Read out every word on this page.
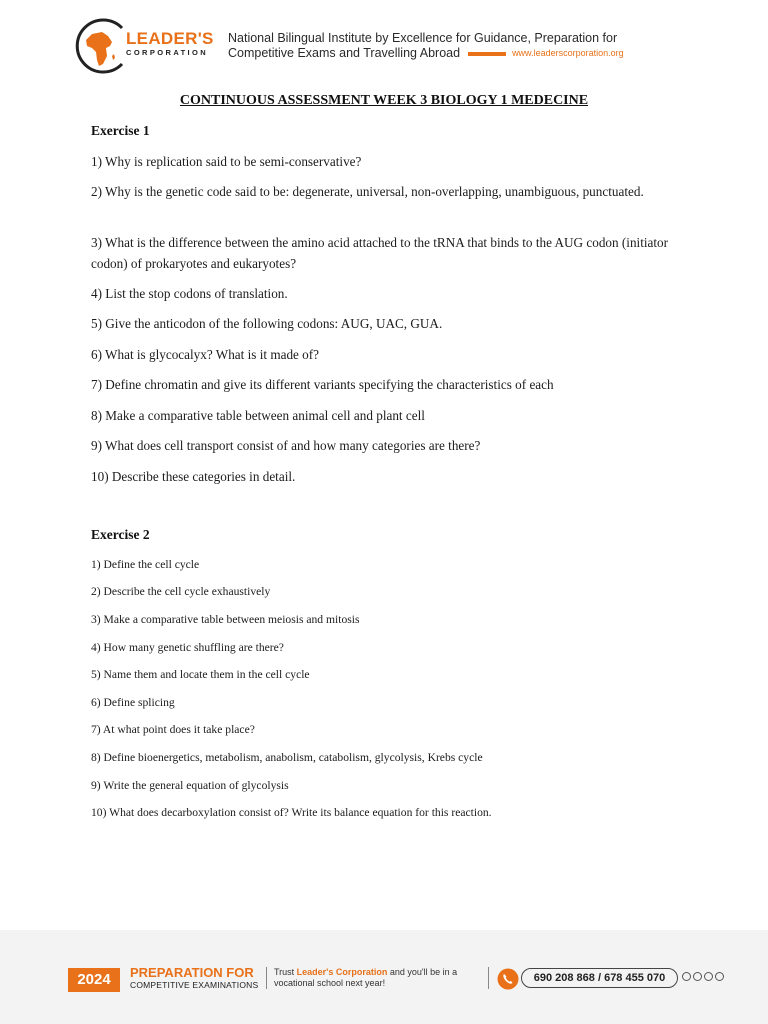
LEADER'S
CORPORATION
National Bilingual Institute by Excellence for Guidance, Preparation for
Competitive Exams and Travelling Abroad	www.leaderscorporation.org
CONTINUOUS ASSESSMENT WEEK 3 BIOLOGY 1 MEDECINE
Exercise 1
1) Why is replication said to be semi-conservative?
2) Why is the genetic code said to be: degenerate, universal, non-overlapping, unambiguous, punctuated.
3) What is the difference between the amino acid attached to the tRNA that binds to the AUG codon (initiator codon) of prokaryotes and eukaryotes?
4) List the stop codons of translation.
5) Give the anticodon of the following codons: AUG, UAC, GUA.
6) What is glycocalyx? What is it made of?
7) Define chromatin and give its different variants specifying the characteristics of each
8) Make a comparative table between animal cell and plant cell
9) What does cell transport consist of and how many categories are there?
10) Describe these categories in detail.
Exercise 2
1) Define the cell cycle
2) Describe the cell cycle exhaustively
3) Make a comparative table between meiosis and mitosis
4) How many genetic shuffling are there?
5) Name them and locate them in the cell cycle
6) Define splicing
7) At what point does it take place?
8) Define bioenergetics, metabolism, anabolism, catabolism, glycolysis, Krebs cycle
9) Write the general equation of glycolysis
10) What does decarboxylation consist of? Write its balance equation for this reaction.
2024	PREPARATION FOR
COMPETITIVE EXAMINATIONS
Trust Leader's Corporation and you'll be in a vocational school next year!	690 208 868 / 678 455 070
